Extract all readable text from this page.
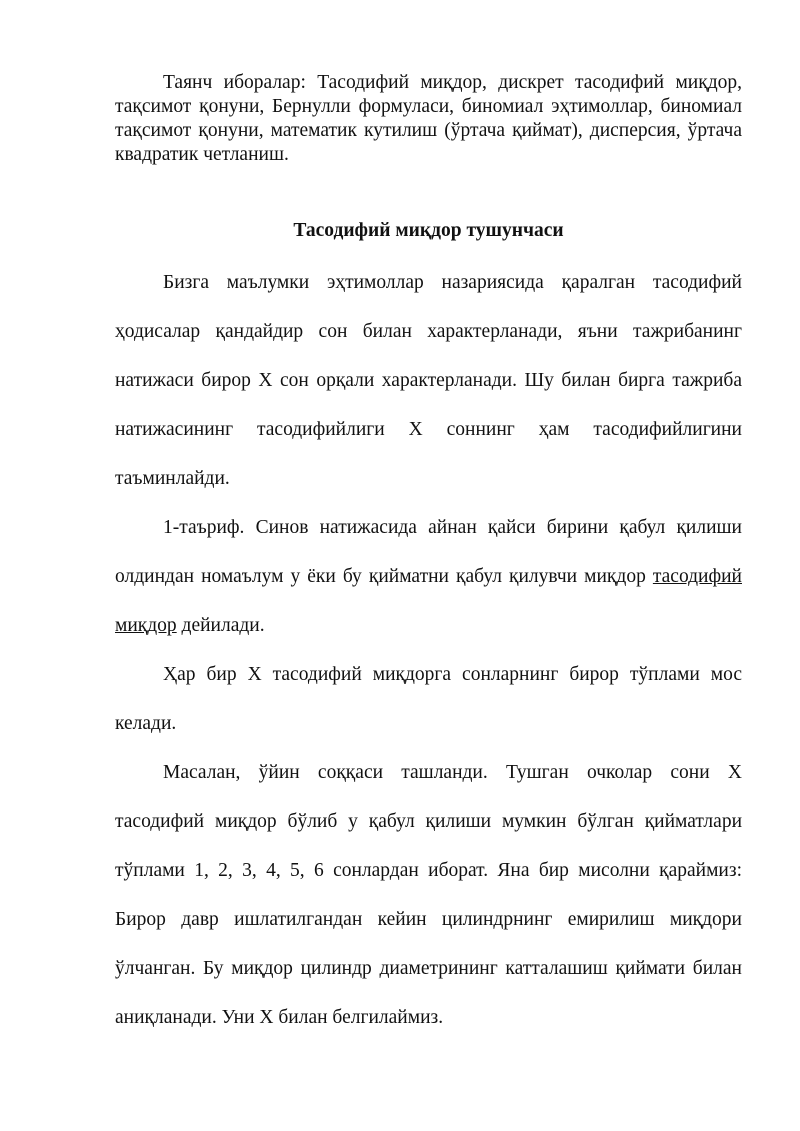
Таянч иборалар: Тасодифий миқдор, дискрет тасодифий миқдор, тақсимот қонуни, Бернулли формуласи, биномиал эҳтимоллар, биномиал тақсимот қонуни, математик кутилиш (ўртача қиймат), дисперсия, ўртача квадратик четланиш.

Тасодифий миқдор тушунчаси

Бизга маълумки эҳтимоллар назариясида қаралган тасодифий ҳодисалар қандайдир сон билан характерланади, яъни тажрибанинг натижаси бирор X сон орқали характерланади. Шу билан бирга тажриба натижасининг тасодифийлиги X соннинг ҳам тасодифийлигини таъминлайди.

1-таъриф. Синов натижасида айнан қайси бирини қабул қилиши олдиндан номаълум у ёки бу қийматни қабул қилувчи миқдор тасодифий миқдор дейилади.

Ҳар бир X тасодифий миқдорга сонларнинг бирор тўплами мос келади.

Масалан, ўйин соққаси ташланди. Тушган очколар сони X тасодифий миқдор бўлиб у қабул қилиши мумкин бўлган қийматлари тўплами 1, 2, 3, 4, 5, 6 сонлардан иборат. Яна бир мисолни қараймиз: Бирор давр ишлатилгандан кейин цилиндрнинг емирилиш миқдори ўлчанган. Бу миқдор цилиндр диаметрининг катталашиш қиймати билан аниқланади. Уни X билан белгилаймиз.
